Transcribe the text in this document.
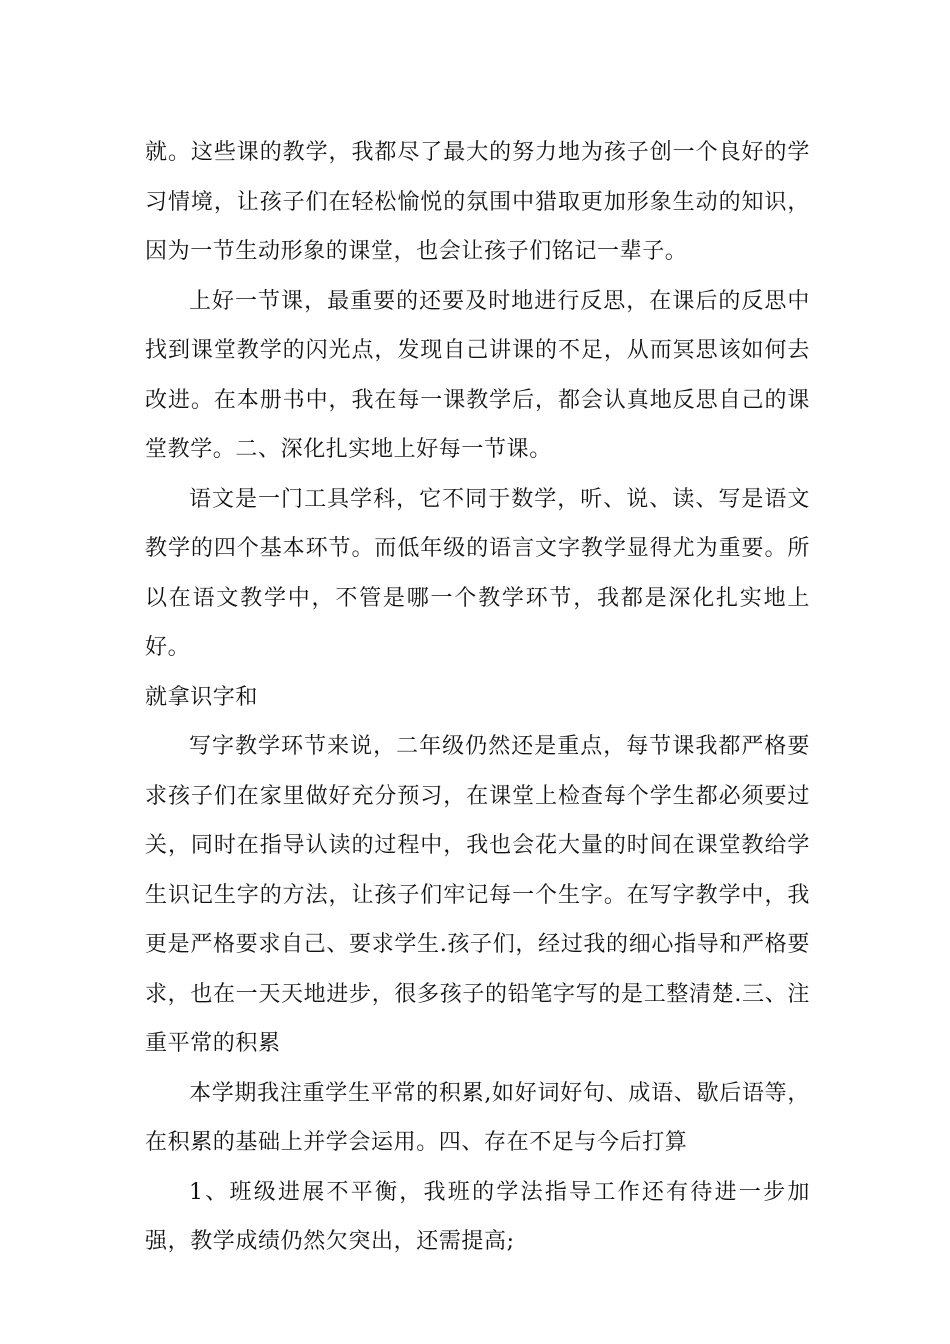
就。这些课的教学，我都尽了最大的努力地为孩子创一个良好的学习情境，让孩子们在轻松愉悦的氛围中猎取更加形象生动的知识，因为一节生动形象的课堂，也会让孩子们铭记一辈子。

上好一节课，最重要的还要及时地进行反思，在课后的反思中找到课堂教学的闪光点，发现自己讲课的不足，从而冥思该如何去改进。在本册书中，我在每一课教学后，都会认真地反思自己的课堂教学。二、深化扎实地上好每一节课。

语文是一门工具学科，它不同于数学，听、说、读、写是语文教学的四个基本环节。而低年级的语言文字教学显得尤为重要。所以在语文教学中，不管是哪一个教学环节，我都是深化扎实地上好。

就拿识字和

写字教学环节来说，二年级仍然还是重点，每节课我都严格要求孩子们在家里做好充分预习，在课堂上检查每个学生都必须要过关，同时在指导认读的过程中，我也会花大量的时间在课堂教给学生识记生字的方法，让孩子们牢记每一个生字。在写字教学中，我更是严格要求自己、要求学生.孩子们，经过我的细心指导和严格要求，也在一天天地进步，很多孩子的铅笔字写的是工整清楚.三、注重平常的积累

本学期我注重学生平常的积累,如好词好句、成语、歇后语等，在积累的基础上并学会运用。四、存在不足与今后打算

1、班级进展不平衡，我班的学法指导工作还有待进一步加强，教学成绩仍然欠突出，还需提高;
